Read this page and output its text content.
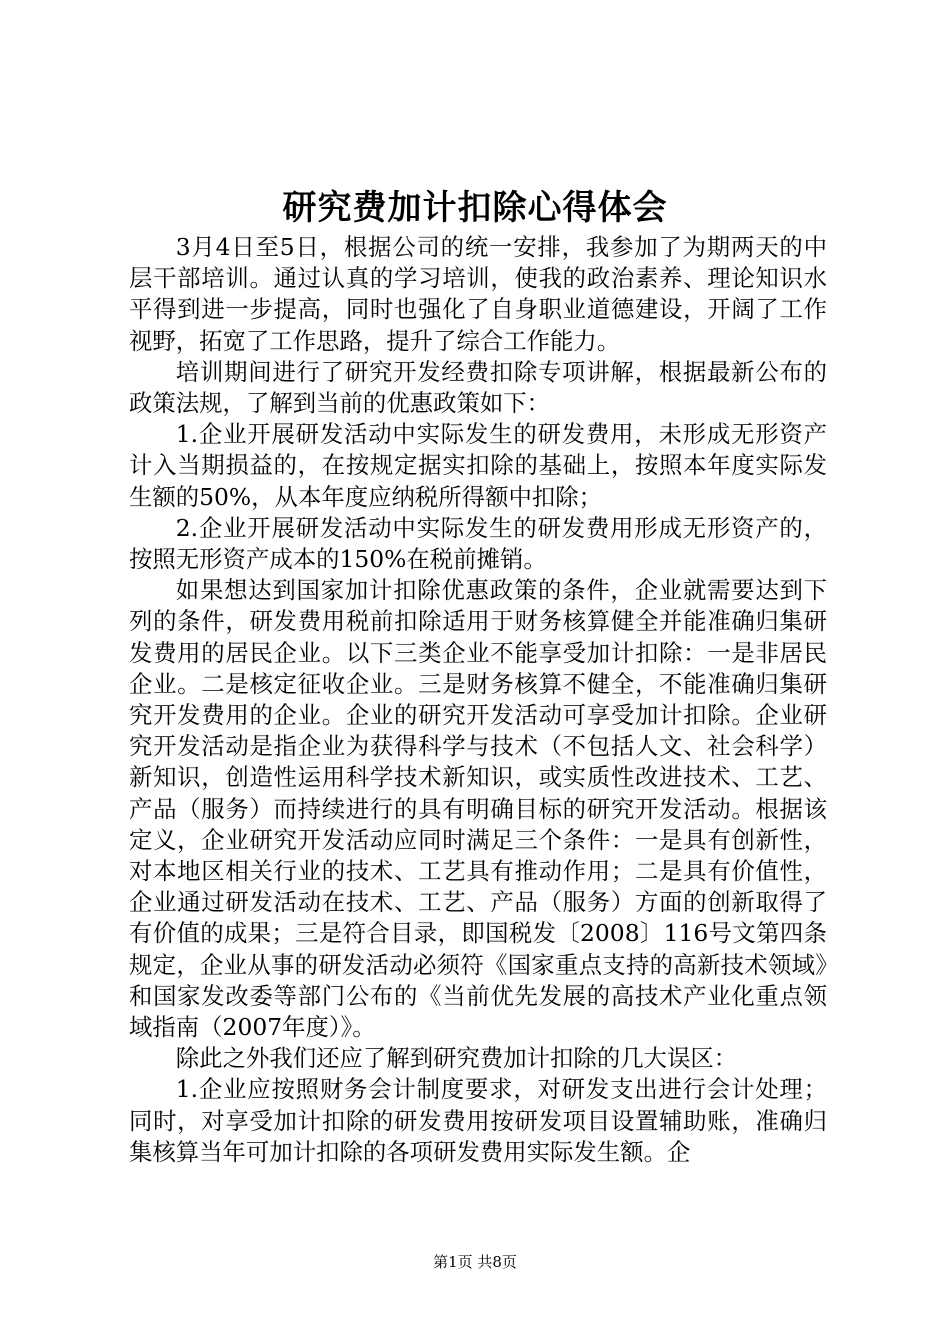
研究费加计扣除心得体会

3月4日至5日，根据公司的统一安排，我参加了为期两天的中层干部培训。通过认真的学习培训，使我的政治素养、理论知识水平得到进一步提高，同时也强化了自身职业道德建设，开阔了工作视野，拓宽了工作思路，提升了综合工作能力。

培训期间进行了研究开发经费扣除专项讲解，根据最新公布的政策法规，了解到当前的优惠政策如下：

1.企业开展研发活动中实际发生的研发费用，未形成无形资产计入当期损益的，在按规定据实扣除的基础上，按照本年度实际发生额的50%，从本年度应纳税所得额中扣除；

2.企业开展研发活动中实际发生的研发费用形成无形资产的，按照无形资产成本的150%在税前摊销。

如果想达到国家加计扣除优惠政策的条件，企业就需要达到下列的条件，研发费用税前扣除适用于财务核算健全并能准确归集研发费用的居民企业。以下三类企业不能享受加计扣除：一是非居民企业。二是核定征收企业。三是财务核算不健全，不能准确归集研究开发费用的企业。企业的研究开发活动可享受加计扣除。企业研究开发活动是指企业为获得科学与技术（不包括人文、社会科学）新知识，创造性运用科学技术新知识，或实质性改进技术、工艺、产品（服务）而持续进行的具有明确目标的研究开发活动。根据该定义，企业研究开发活动应同时满足三个条件：一是具有创新性，对本地区相关行业的技术、工艺具有推动作用；二是具有价值性，企业通过研发活动在技术、工艺、产品（服务）方面的创新取得了有价值的成果；三是符合目录，即国税发〔2008〕116号文第四条规定，企业从事的研发活动必须符《国家重点支持的高新技术领域》和国家发改委等部门公布的《当前优先发展的高技术产业化重点领域指南（2007年度）》。

除此之外我们还应了解到研究费加计扣除的几大误区：

1.企业应按照财务会计制度要求，对研发支出进行会计处理；同时，对享受加计扣除的研发费用按研发项目设置辅助账，准确归集核算当年可加计扣除的各项研发费用实际发生额。企

第1页 共8页
